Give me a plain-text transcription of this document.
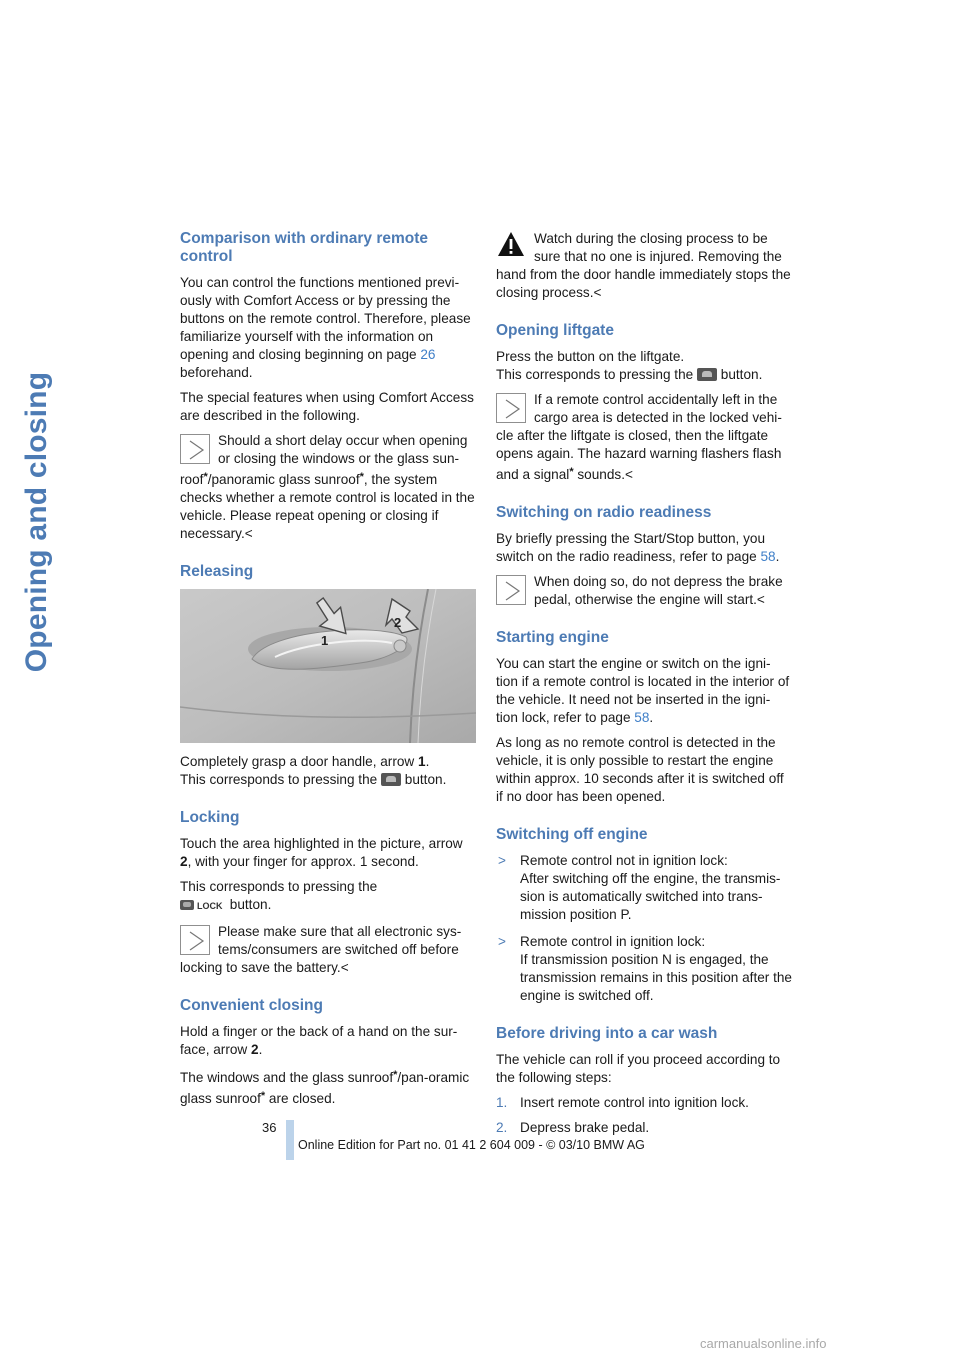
Opening and closing
Comparison with ordinary remote control

You can control the functions mentioned previ-ously with Comfort Access or by pressing the buttons on the remote control. Therefore, please familiarize yourself with the information on opening and closing beginning on page 26 beforehand.

The special features when using Comfort Access are described in the following.

Should a short delay occur when opening or closing the windows or the glass sun-roof*/panoramic glass sunroof*, the system checks whether a remote control is located in the vehicle. Please repeat opening or closing if necessary.<
Releasing
1
2

Completely grasp a door handle, arrow 1.
This corresponds to pressing the  button.

Locking

Touch the area highlighted in the picture, arrow 2, with your finger for approx. 1 second.

This corresponds to pressing the

LOCK button.

Please make sure that all electronic sys-tems/consumers are switched off before locking to save the battery.<
Convenient closing

Hold a finger or the back of a hand on the sur-face, arrow 2.

The windows and the glass sunroof*/pan-oramic glass sunroof* are closed.

Watch during the closing process to be sure that no one is injured. Removing the hand from the door handle immediately stops the closing process.<
Opening liftgate

Press the button on the liftgate.
This corresponds to pressing the  button.

If a remote control accidentally left in the cargo area is detected in the locked vehi-cle after the liftgate is closed, then the liftgate opens again. The hazard warning flashers flash and a signal* sounds.<
Switching on radio readiness

By briefly pressing the Start/Stop button, you switch on the radio readiness, refer to page 58.

When doing so, do not depress the brake pedal, otherwise the engine will start.<
Starting engine

You can start the engine or switch on the igni-tion if a remote control is located in the interior of the vehicle. It need not be inserted in the igni-tion lock, refer to page 58.

As long as no remote control is detected in the vehicle, it is only possible to restart the engine within approx. 10 seconds after it is switched off if no door has been opened.

Switching off engine
> Remote control not in ignition lock:
After switching off the engine, the transmis-sion is automatically switched into trans-mission position P.
> Remote control in ignition lock:
If transmission position N is engaged, the transmission remains in this position after the engine is switched off.
Before driving into a car wash

The vehicle can roll if you proceed according to the following steps:

1. Insert remote control into ignition lock.
2. Depress brake pedal.
36
Online Edition for Part no. 01 41 2 604 009 - © 03/10 BMW AG
carmanualsonline.info
